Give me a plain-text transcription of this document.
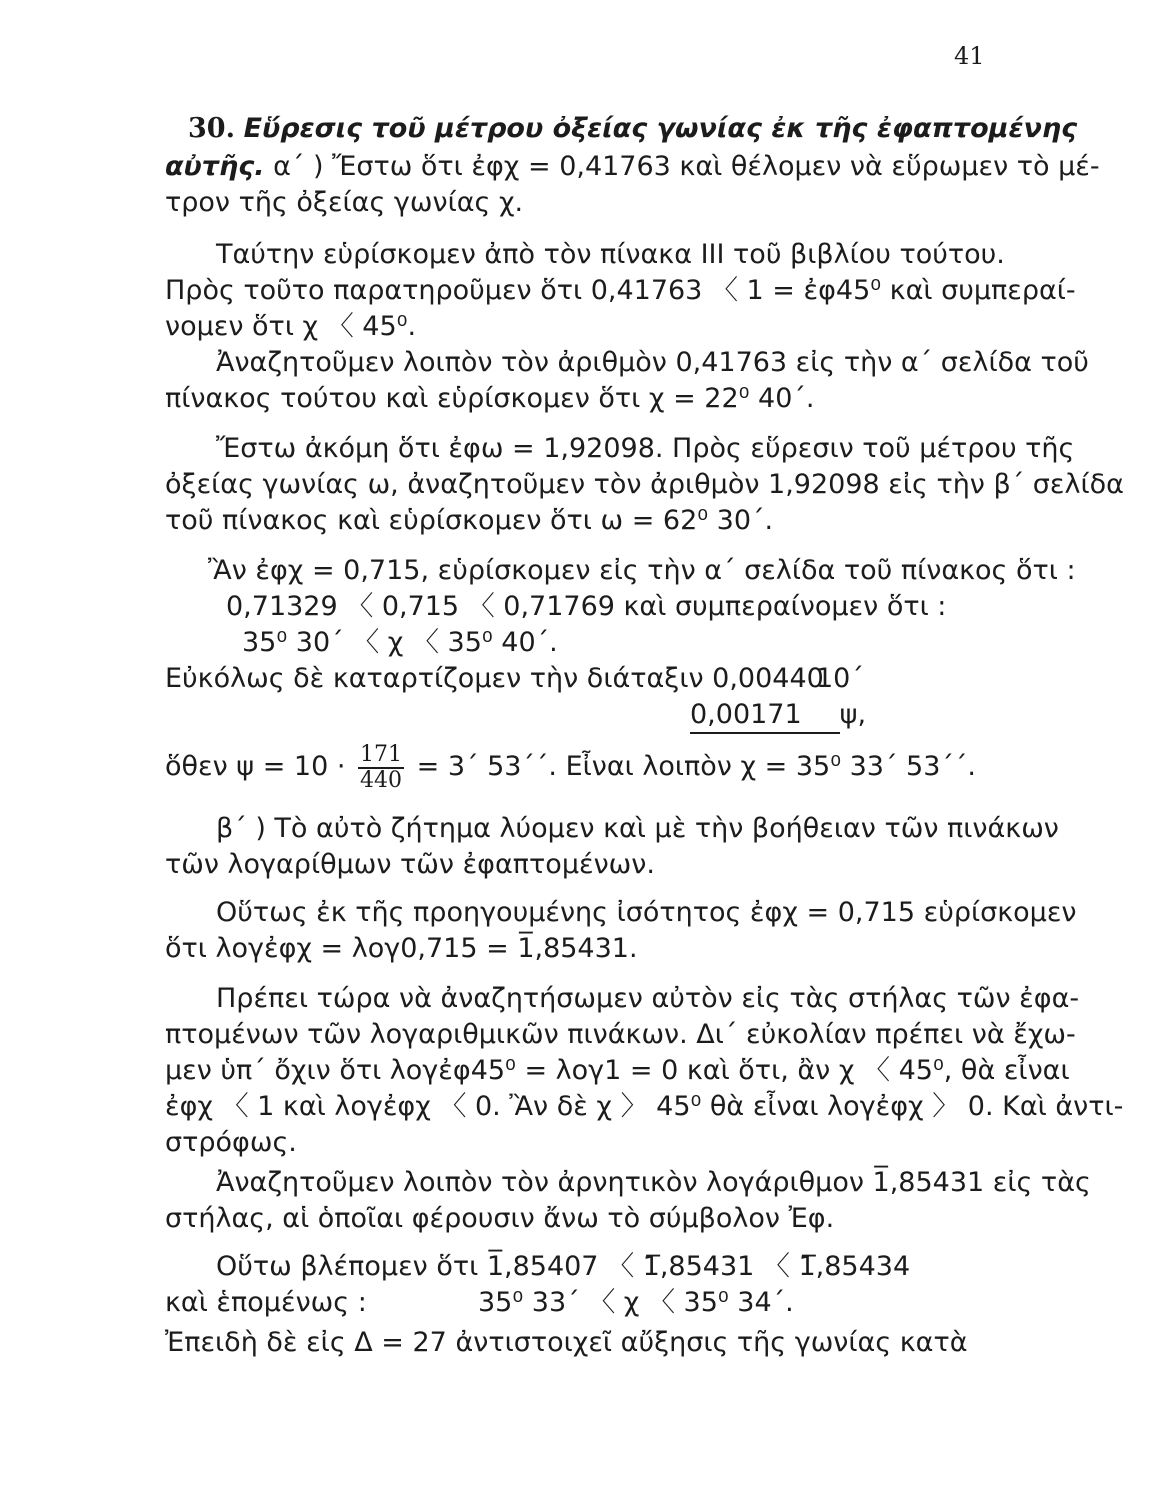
41
30. Εὕρεσις τοῦ μέτρου ὀξείας γωνίας ἐκ τῆς ἐφαπτομένης
αὐτῆς. α΄ ) Ἔστω ὅτι ἐφχ = 0,41763 καὶ θέλομεν νὰ εὕρωμεν τὸ μέ-
τρον τῆς ὀξείας γωνίας χ.
Ταύτην εὑρίσκομεν ἀπὸ τὸν πίνακα ΙΙΙ τοῦ βιβλίου τούτου.
Πρὸς τοῦτο παρατηροῦμεν ὅτι 0,41763 〈 1 = ἐφ45⁰ καὶ συμπεραί-
νομεν ὅτι χ 〈 45⁰.
Ἀναζητοῦμεν λοιπὸν τὸν ἀριθμὸν 0,41763 εἰς τὴν α΄ σελίδα τοῦ
πίνακος τούτου καὶ εὑρίσκομεν ὅτι χ = 22⁰ 40΄.
Ἔστω ἀκόμη ὅτι ἐφω = 1,92098. Πρὸς εὕρεσιν τοῦ μέτρου τῆς
ὀξείας γωνίας ω, ἀναζητοῦμεν τὸν ἀριθμὸν 1,92098 εἰς τὴν β΄ σελίδα
τοῦ πίνακος καὶ εὑρίσκομεν ὅτι ω = 62⁰ 30΄.
Ἂν ἐφχ = 0,715, εὑρίσκομεν εἰς τὴν α΄ σελίδα τοῦ πίνακος ὅτι :
0,71329 〈 0,715 〈 0,71769 καὶ συμπεραίνομεν ὅτι :
35⁰ 30΄ 〈 χ 〈 35⁰ 40΄.
Εὐκόλως δὲ καταρτίζομεν τὴν διάταξιν 0,00440
10΄
0,00171 ψ,
ὅθεν $\psi = 10 \cdot \frac{171}{440} = 3΄$ 53΄΄. Εἶναι λοιπὸν χ = 35⁰ 33΄ 53΄΄.
β΄ ) Τὸ αὐτὸ ζήτημα λύομεν καὶ μὲ τὴν βοήθειαν τῶν πινάκων
τῶν λογαρίθμων τῶν ἐφαπτομένων.
Οὕτως ἐκ τῆς προηγουμένης ἰσότητος ἐφχ = 0,715 εὑρίσκομεν
ὅτι λογἐφχ = λογ0,715 = 1̅,85431.
Πρέπει τώρα νὰ ἀναζητήσωμεν αὐτὸν εἰς τὰς στήλας τῶν ἐφα-
πτομένων τῶν λογαριθμικῶν πινάκων. Δι΄ εὐκολίαν πρέπει νὰ ἔχω-
μεν ὑπ΄ ὄχιν ὅτι λογἐφ45⁰ = λογ1 = 0 καὶ ὅτι, ἂν χ 〈 45⁰, θὰ εἶναι
ἐφχ 〈 1 καὶ λογἐφχ 〈 0. Ἂν δὲ χ 〉 45⁰ θὰ εἶναι λογἐφχ 〉 0. Καὶ ἀντι-
στρόφως.
Ἀναζητοῦμεν λοιπὸν τὸν ἀρνητικὸν λογάριθμον 1̅,85431 εἰς τὰς
στήλας, αἱ ὁποῖαι φέρουσιν ἄνω τὸ σύμβολον Ἐφ.
Οὕτω βλέπομεν ὅτι 1̅,85407 〈 1̅,85431 〈 1̅,85434
καὶ ἑπομένως :	35⁰ 33΄ 〈 χ 〈 35⁰ 34΄.
Ἐπειδὴ δὲ εἰς Δ = 27 ἀντιστοιχεῖ αὔξησις τῆς γωνίας κατὰ
